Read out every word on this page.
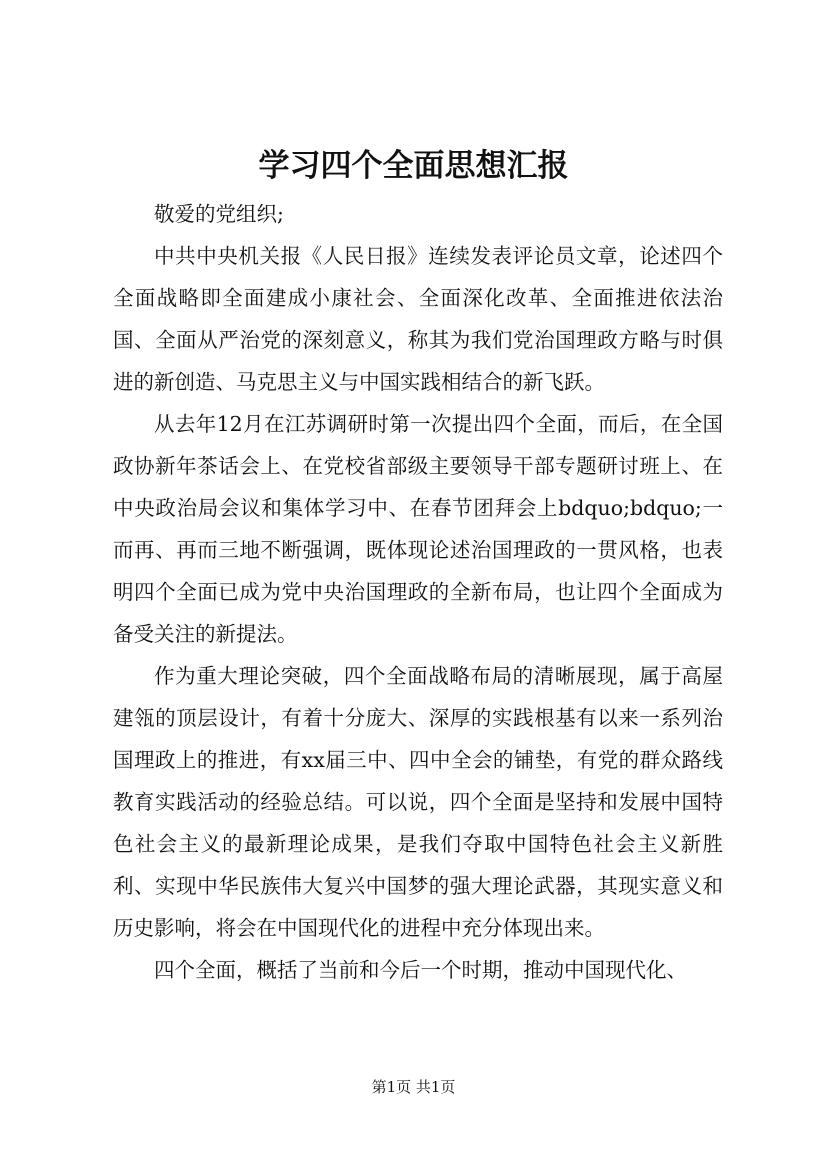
学习四个全面思想汇报

敬爱的党组织;

中共中央机关报《人民日报》连续发表评论员文章，论述四个全面战略即全面建成小康社会、全面深化改革、全面推进依法治国、全面从严治党的深刻意义，称其为我们党治国理政方略与时俱进的新创造、马克思主义与中国实践相结合的新飞跃。

从去年12月在江苏调研时第一次提出四个全面，而后，在全国政协新年茶话会上、在党校省部级主要领导干部专题研讨班上、在中央政治局会议和集体学习中、在春节团拜会上bdquo;bdquo;一而再、再而三地不断强调，既体现论述治国理政的一贯风格，也表明四个全面已成为党中央治国理政的全新布局，也让四个全面成为备受关注的新提法。

作为重大理论突破，四个全面战略布局的清晰展现，属于高屋建瓴的顶层设计，有着十分庞大、深厚的实践根基有以来一系列治国理政上的推进，有xx届三中、四中全会的铺垫，有党的群众路线教育实践活动的经验总结。可以说，四个全面是坚持和发展中国特色社会主义的最新理论成果，是我们夺取中国特色社会主义新胜利、实现中华民族伟大复兴中国梦的强大理论武器，其现实意义和历史影响，将会在中国现代化的进程中充分体现出来。

四个全面，概括了当前和今后一个时期，推动中国现代化、

第1页 共1页
